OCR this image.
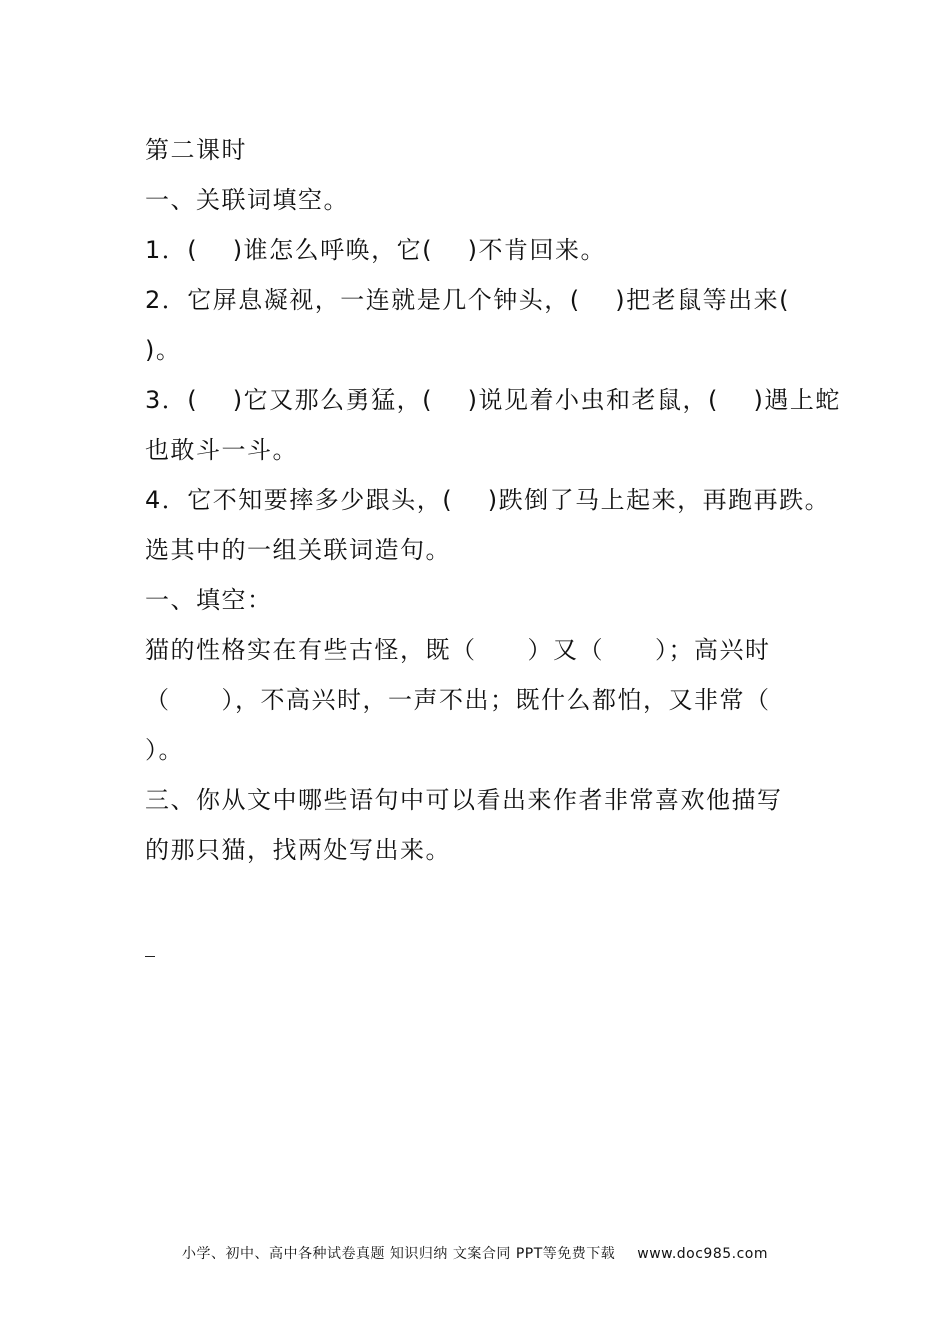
第二课时
一、关联词填空。
1．(　 )谁怎么呼唤，它(　 )不肯回来。
2．它屏息凝视，一连就是几个钟头，(　 )把老鼠等出来(
)。
3．(　 )它又那么勇猛，(　 )说见着小虫和老鼠，(　 )遇上蛇
也敢斗一斗。
4．它不知要摔多少跟头，(　 )跌倒了马上起来，再跑再跌。
选其中的一组关联词造句。
一、填空：
猫的性格实在有些古怪，既（　　）又（　　）；高兴时
（　　），不高兴时，一声不出；既什么都怕，又非常（
）。
三、你从文中哪些语句中可以看出来作者非常喜欢他描写
的那只猫，找两处写出来。
小学、初中、高中各种试卷真题 知识归纳 文案合同 PPT等免费下载 www.doc985.com
